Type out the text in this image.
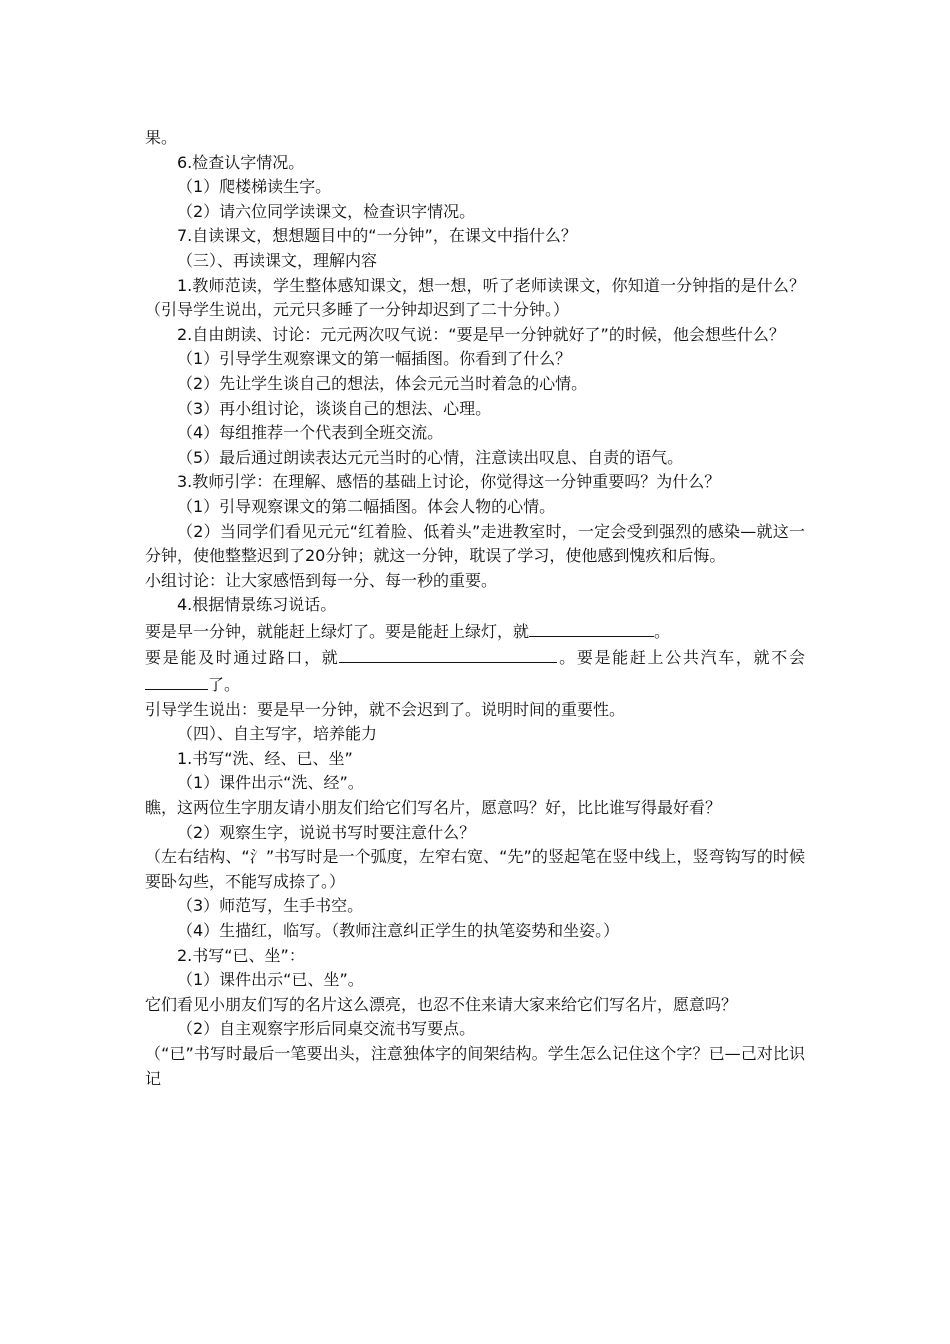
果。

6.检查认字情况。

（1）爬楼梯读生字。

（2）请六位同学读课文，检查识字情况。

7.自读课文，想想题目中的“一分钟”，在课文中指什么？

（三）、再读课文，理解内容

1.教师范读，学生整体感知课文，想一想，听了老师读课文，你知道一分钟指的是什么？（引导学生说出，元元只多睡了一分钟却迟到了二十分钟。）

2.自由朗读、讨论：元元两次叹气说：“要是早一分钟就好了”的时候，他会想些什么？

（1）引导学生观察课文的第一幅插图。你看到了什么？

（2）先让学生谈自己的想法，体会元元当时着急的心情。

（3）再小组讨论，谈谈自己的想法、心理。

（4）每组推荐一个代表到全班交流。

（5）最后通过朗读表达元元当时的心情，注意读出叹息、自责的语气。

3.教师引学：在理解、感悟的基础上讨论，你觉得这一分钟重要吗？为什么？

（1）引导观察课文的第二幅插图。体会人物的心情。

（2）当同学们看见元元“红着脸、低着头”走进教室时，一定会受到强烈的感染—就这一分钟，使他整整迟到了20分钟；就这一分钟，耽误了学习，使他感到愧疚和后悔。

小组讨论：让大家感悟到每一分、每一秒的重要。

4.根据情景练习说话。

要是早一分钟，就能赶上绿灯了。要是能赶上绿灯，就	。

要是能及时通过路口，就	。要是能赶上公共汽车，就不会了。

引导学生说出：要是早一分钟，就不会迟到了。说明时间的重要性。

（四）、自主写字，培养能力

1.书写“洗、经、已、坐”

（1）课件出示“洗、经”。

瞧，这两位生字朋友请小朋友们给它们写名片，愿意吗？好，比比谁写得最好看？

（2）观察生字，说说书写时要注意什么？

（左右结构、“氵”书写时是一个弧度，左窄右宽、“先”的竖起笔在竖中线上，竖弯钩写的时候要卧勾些，不能写成捺了。）

（3）师范写，生手书空。

（4）生描红，临写。（教师注意纠正学生的执笔姿势和坐姿。）

2.书写“已、坐”：

（1）课件出示“已、坐”。

它们看见小朋友们写的名片这么漂亮，也忍不住来请大家来给它们写名片，愿意吗？

（2）自主观察字形后同桌交流书写要点。

（“已”书写时最后一笔要出头，注意独体字的间架结构。学生怎么记住这个字？已—己对比识记
